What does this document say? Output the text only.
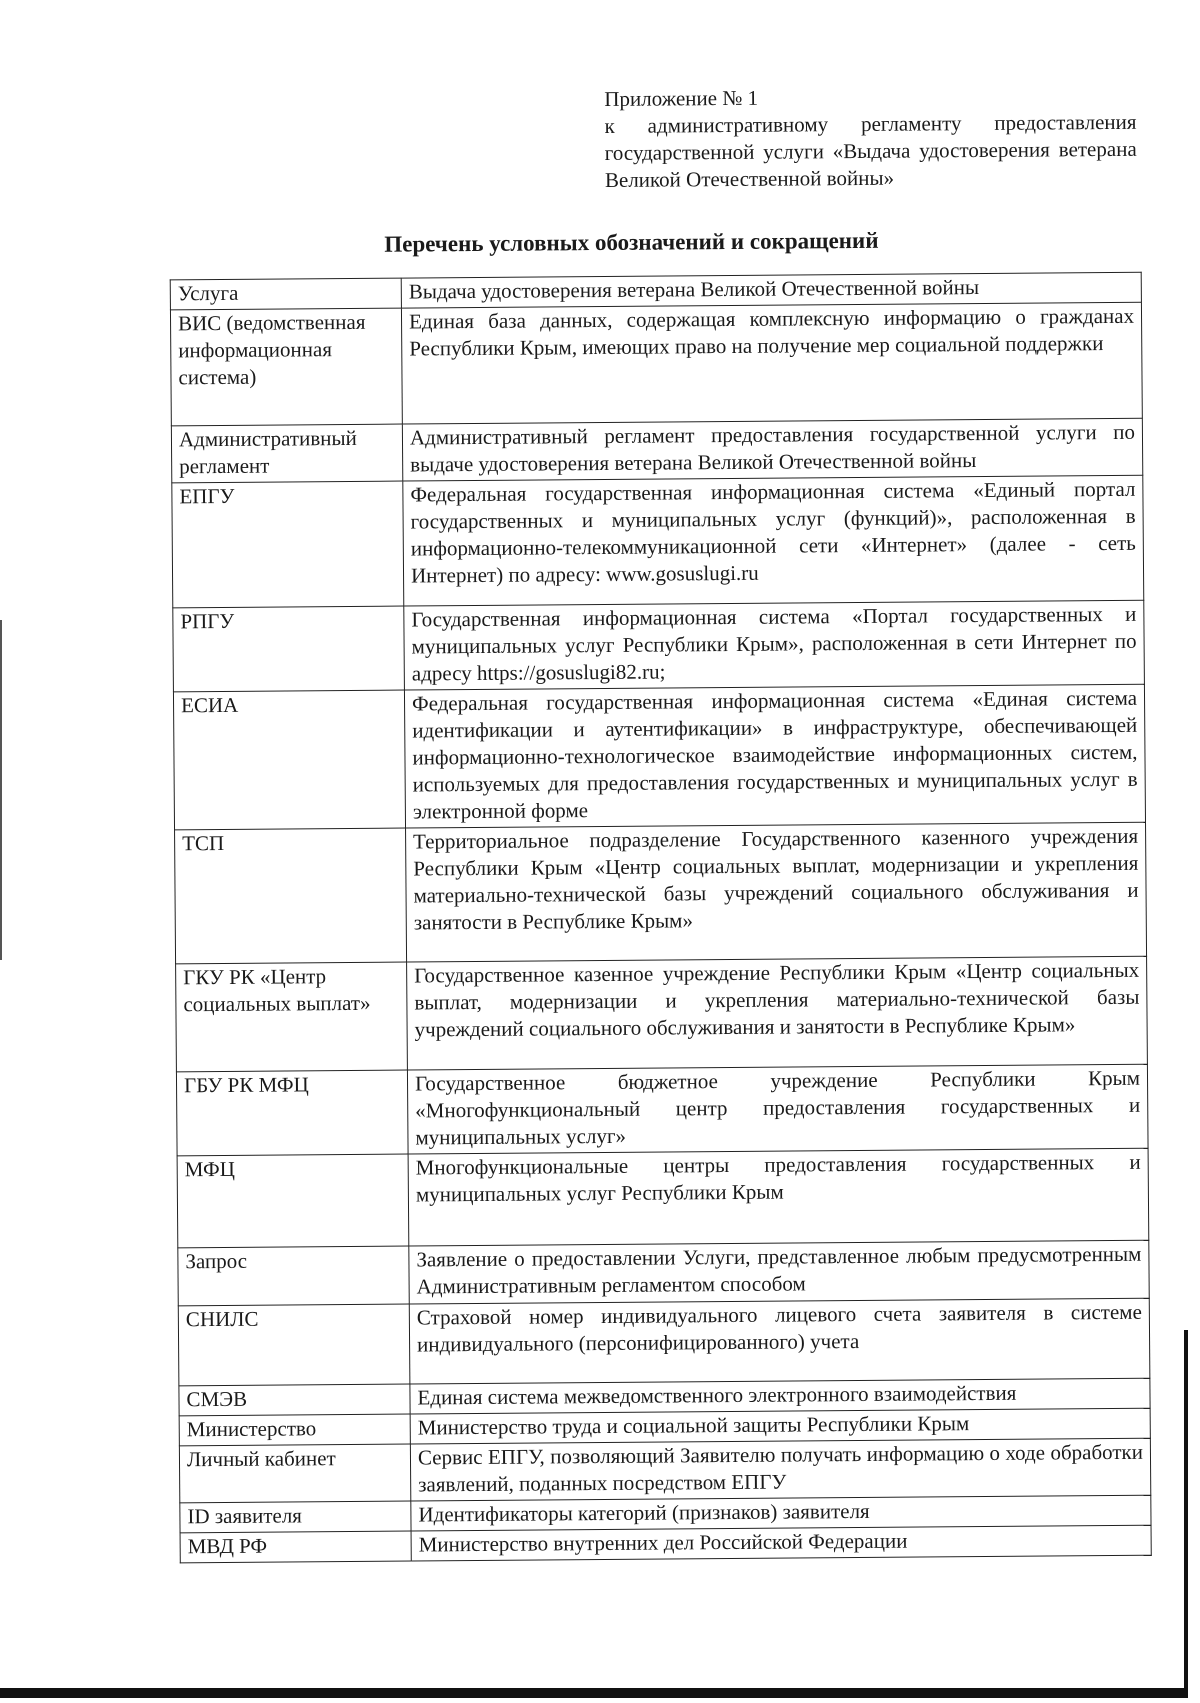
Приложение № 1
к административному регламенту предоставления государственной услуги «Выдача удостоверения ветерана Великой Отечественной войны»
Перечень условных обозначений и сокращений
Услуга	Выдача удостоверения ветерана Великой Отечественной войны
ВИС (ведомственная информационная система)	Единая база данных, содержащая комплексную информацию о гражданах Республики Крым, имеющих право на получение мер социальной поддержки
Административный регламент	Административный регламент предоставления государственной услуги по выдаче удостоверения ветерана Великой Отечественной войны
ЕПГУ	Федеральная государственная информационная система «Единый портал государственных и муниципальных услуг (функций)», расположенная в информационно-телекоммуникационной сети «Интернет» (далее - сеть Интернет) по адресу: www.gosuslugi.ru
РПГУ	Государственная информационная система «Портал государственных и муниципальных услуг Республики Крым», расположенная в сети Интернет по адресу https://gosuslugi82.ru;
ЕСИА	Федеральная государственная информационная система «Единая система идентификации и аутентификации» в инфраструктуре, обеспечивающей информационно-технологическое взаимодействие информационных систем, используемых для предоставления государственных и муниципальных услуг в электронной форме
ТСП	Территориальное подразделение Государственного казенного учреждения Республики Крым «Центр социальных выплат, модернизации и укрепления материально-технической базы учреждений социального обслуживания и занятости в Республике Крым»
ГКУ РК «Центр социальных выплат»	Государственное казенное учреждение Республики Крым «Центр социальных выплат, модернизации и укрепления материально-технической базы учреждений социального обслуживания и занятости в Республике Крым»
ГБУ РК МФЦ	Государственное бюджетное учреждение Республики Крым «Многофункциональный центр предоставления государственных и муниципальных услуг»
МФЦ	Многофункциональные центры предоставления государственных и муниципальных услуг Республики Крым
Запрос	Заявление о предоставлении Услуги, представленное любым предусмотренным Административным регламентом способом
СНИЛС	Страховой номер индивидуального лицевого счета заявителя в системе индивидуального (персонифицированного) учета
СМЭВ	Единая система межведомственного электронного взаимодействия
Министерство	Министерство труда и социальной защиты Республики Крым
Личный кабинет	Сервис ЕПГУ, позволяющий Заявителю получать информацию о ходе обработки заявлений, поданных посредством ЕПГУ
ID заявителя	Идентификаторы категорий (признаков) заявителя
МВД РФ	Министерство внутренних дел Российской Федерации
